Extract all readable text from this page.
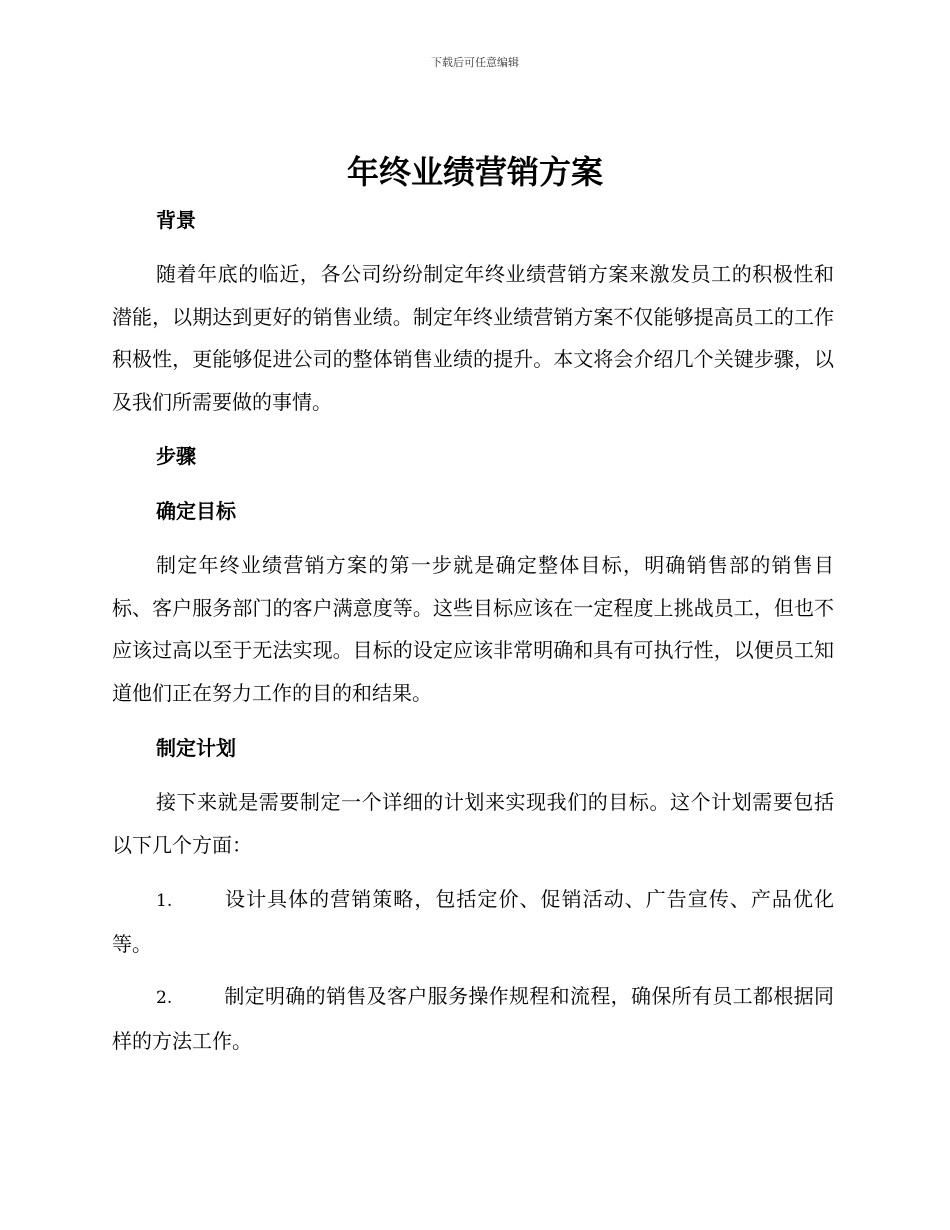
下载后可任意编辑
年终业绩营销方案
背景
随着年底的临近，各公司纷纷制定年终业绩营销方案来激发员工的积极性和潜能，以期达到更好的销售业绩。制定年终业绩营销方案不仅能够提高员工的工作积极性，更能够促进公司的整体销售业绩的提升。本文将会介绍几个关键步骤，以及我们所需要做的事情。
步骤
确定目标
制定年终业绩营销方案的第一步就是确定整体目标，明确销售部的销售目标、客户服务部门的客户满意度等。这些目标应该在一定程度上挑战员工，但也不应该过高以至于无法实现。目标的设定应该非常明确和具有可执行性，以便员工知道他们正在努力工作的目的和结果。
制定计划
接下来就是需要制定一个详细的计划来实现我们的目标。这个计划需要包括以下几个方面：
1.	设计具体的营销策略，包括定价、促销活动、广告宣传、产品优化等。
2.	制定明确的销售及客户服务操作规程和流程，确保所有员工都根据同样的方法工作。
